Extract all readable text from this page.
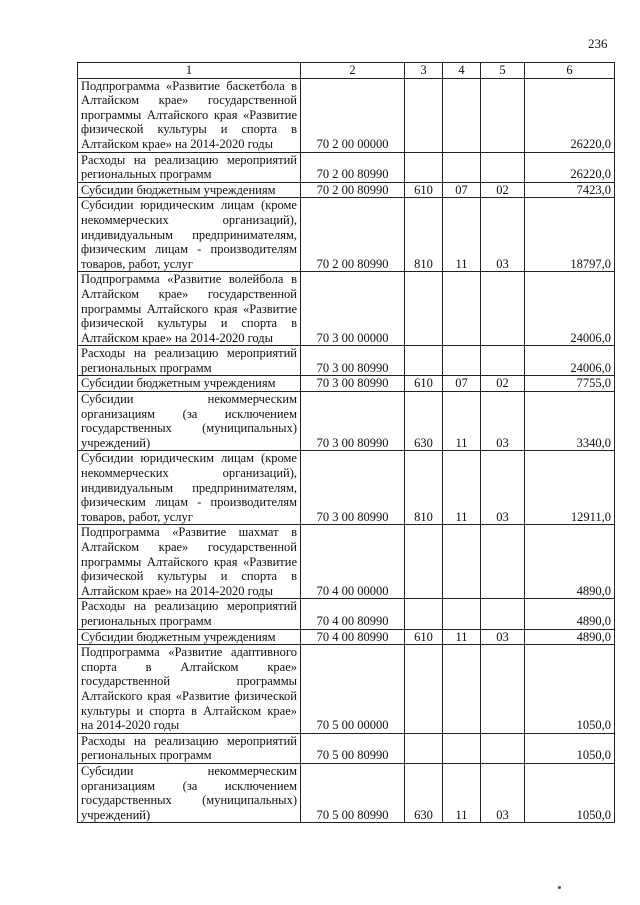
236
1	2	3	4	5	6
Подпрограмма «Развитие баскетбола в Алтайском крае» государственной программы Алтайского края «Развитие физической культуры и спорта в Алтайском крае» на 2014-2020 годы	70 2 00 00000				26220,0
Расходы на реализацию мероприятий региональных программ	70 2 00 80990				26220,0
Субсидии бюджетным учреждениям	70 2 00 80990	610	07	02	7423,0
Субсидии юридическим лицам (кроме некоммерческих организаций), индивидуальным предпринимателям, физическим лицам - производителям товаров, работ, услуг	70 2 00 80990	810	11	03	18797,0
Подпрограмма «Развитие волейбола в Алтайском крае» государственной программы Алтайского края «Развитие физической культуры и спорта в Алтайском крае» на 2014-2020 годы	70 3 00 00000				24006,0
Расходы на реализацию мероприятий региональных программ	70 3 00 80990				24006,0
Субсидии бюджетным учреждениям	70 3 00 80990	610	07	02	7755,0
Субсидии некоммерческим организациям (за исключением государственных (муниципальных) учреждений)	70 3 00 80990	630	11	03	3340,0
Субсидии юридическим лицам (кроме некоммерческих организаций), индивидуальным предпринимателям, физическим лицам - производителям товаров, работ, услуг	70 3 00 80990	810	11	03	12911,0
Подпрограмма «Развитие шахмат в Алтайском крае» государственной программы Алтайского края «Развитие физической культуры и спорта в Алтайском крае» на 2014-2020 годы	70 4 00 00000				4890,0
Расходы на реализацию мероприятий региональных программ	70 4 00 80990				4890,0
Субсидии бюджетным учреждениям	70 4 00 80990	610	11	03	4890,0
Подпрограмма «Развитие адаптивного спорта в Алтайском крае» государственной программы Алтайского края «Развитие физической культуры и спорта в Алтайском крае» на 2014-2020 годы	70 5 00 00000				1050,0
Расходы на реализацию мероприятий региональных программ	70 5 00 80990				1050,0
Субсидии некоммерческим организациям (за исключением государственных (муниципальных) учреждений)	70 5 00 80990	630	11	03	1050,0
